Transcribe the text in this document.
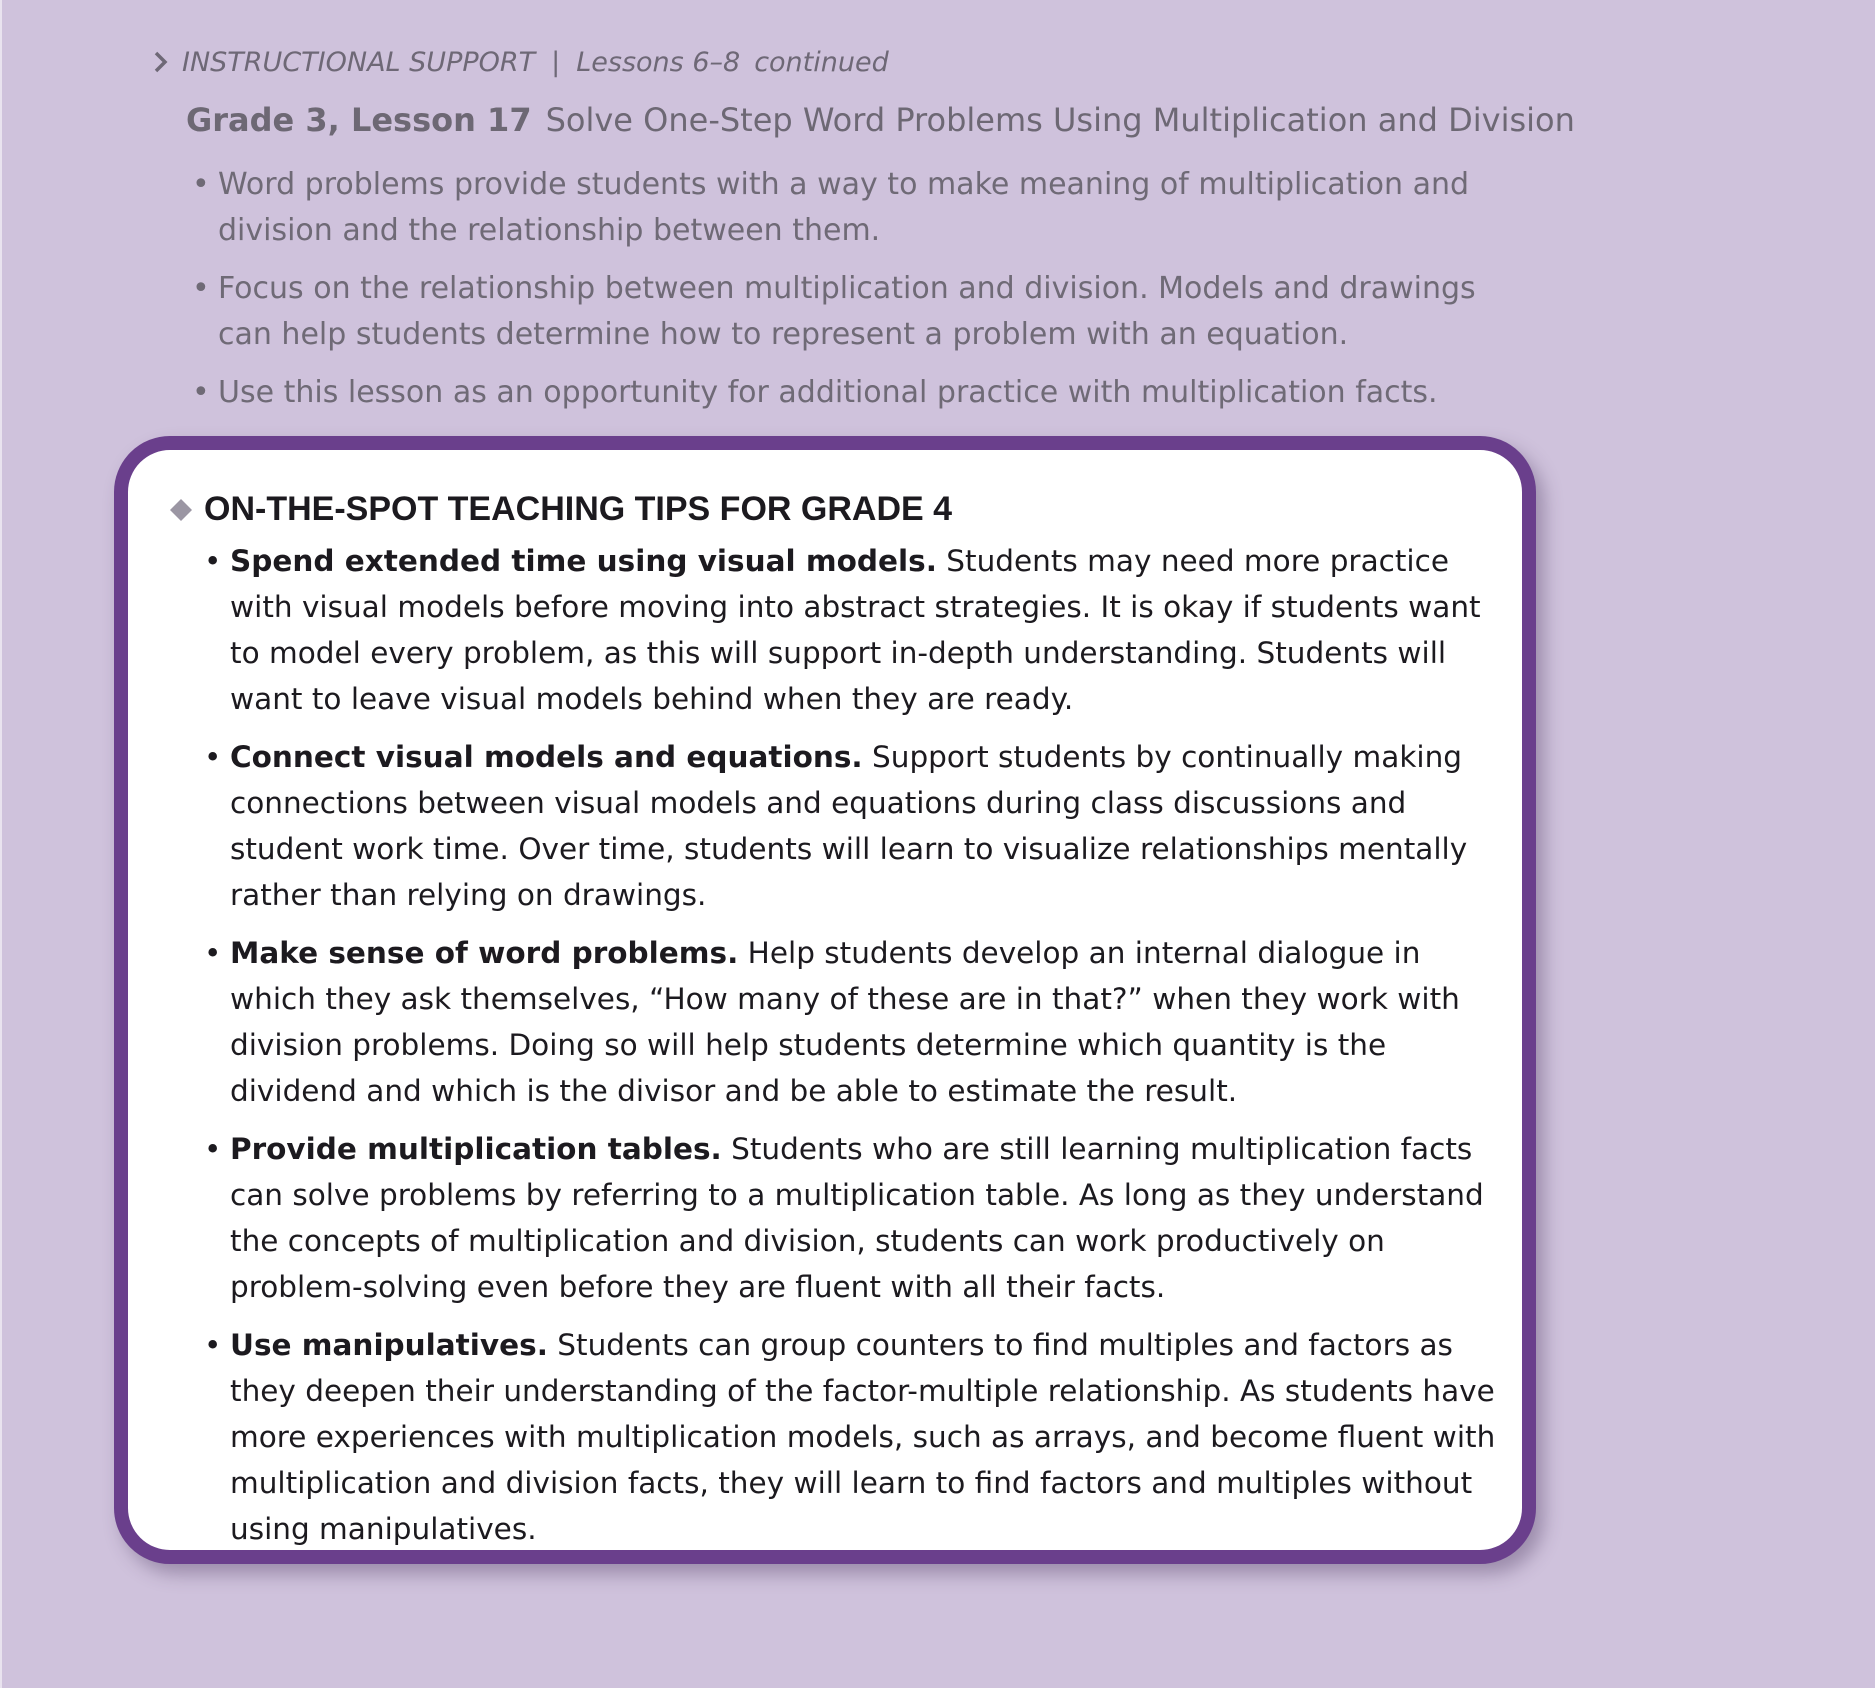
INSTRUCTIONAL SUPPORT | Lessons 6–8 continued
Grade 3, Lesson 17 Solve One-Step Word Problems Using Multiplication and Division
• Word problems provide students with a way to make meaning of multiplication and division and the relationship between them.
• Focus on the relationship between multiplication and division. Models and drawings can help students determine how to represent a problem with an equation.
• Use this lesson as an opportunity for additional practice with multiplication facts.
ON-THE-SPOT TEACHING TIPS FOR GRADE 4
• Spend extended time using visual models. Students may need more practice with visual models before moving into abstract strategies. It is okay if students want to model every problem, as this will support in-depth understanding. Students will want to leave visual models behind when they are ready.
• Connect visual models and equations. Support students by continually making connections between visual models and equations during class discussions and student work time. Over time, students will learn to visualize relationships mentally rather than relying on drawings.
• Make sense of word problems. Help students develop an internal dialogue in which they ask themselves, “How many of these are in that?” when they work with division problems. Doing so will help students determine which quantity is the dividend and which is the divisor and be able to estimate the result.
• Provide multiplication tables. Students who are still learning multiplication facts can solve problems by referring to a multiplication table. As long as they understand the concepts of multiplication and division, students can work productively on problem-solving even before they are fluent with all their facts.
• Use manipulatives. Students can group counters to find multiples and factors as they deepen their understanding of the factor-multiple relationship. As students have more experiences with multiplication models, such as arrays, and become fluent with multiplication and division facts, they will learn to find factors and multiples without using manipulatives.
